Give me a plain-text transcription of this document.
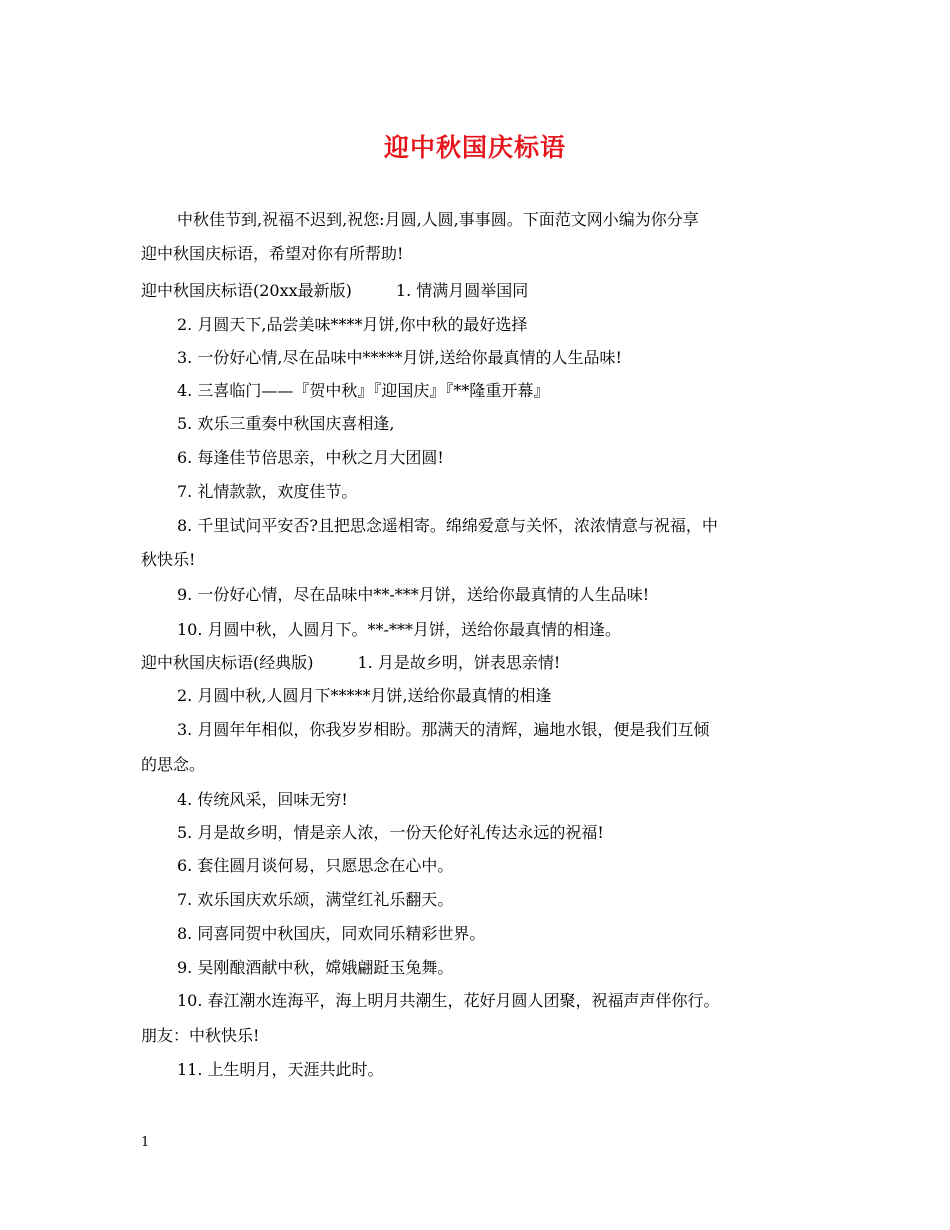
迎中秋国庆标语
中秋佳节到,祝福不迟到,祝您:月圆,人圆,事事圆。下面范文网小编为你分享
迎中秋国庆标语，希望对你有所帮助!
迎中秋国庆标语(20xx最新版)	1. 情满月圆举国同
2. 月圆天下,品尝美味****月饼,你中秋的最好选择
3. 一份好心情,尽在品味中*****月饼,送给你最真情的人生品味!
4. 三喜临门——『贺中秋』『迎国庆』『**隆重开幕』
5. 欢乐三重奏中秋国庆喜相逢,
6. 每逢佳节倍思亲，中秋之月大团圆!
7. 礼情款款，欢度佳节。
8. 千里试问平安否?且把思念遥相寄。绵绵爱意与关怀，浓浓情意与祝福，中
秋快乐!
9. 一份好心情，尽在品味中**-***月饼，送给你最真情的人生品味!
10. 月圆中秋，人圆月下。**-***月饼，送给你最真情的相逢。
迎中秋国庆标语(经典版)	1. 月是故乡明，饼表思亲情!
2. 月圆中秋,人圆月下*****月饼,送给你最真情的相逢
3. 月圆年年相似，你我岁岁相盼。那满天的清辉，遍地水银，便是我们互倾
的思念。
4. 传统风采，回味无穷!
5. 月是故乡明，情是亲人浓，一份天伦好礼传达永远的祝福!
6. 套住圆月谈何易，只愿思念在心中。
7. 欢乐国庆欢乐颂，满堂红礼乐翻天。
8. 同喜同贺中秋国庆，同欢同乐精彩世界。
9. 吴刚酿酒献中秋，嫦娥翩跹玉兔舞。
10. 春江潮水连海平，海上明月共潮生，花好月圆人团聚，祝福声声伴你行。
朋友：中秋快乐!
11. 上生明月，天涯共此时。
1
